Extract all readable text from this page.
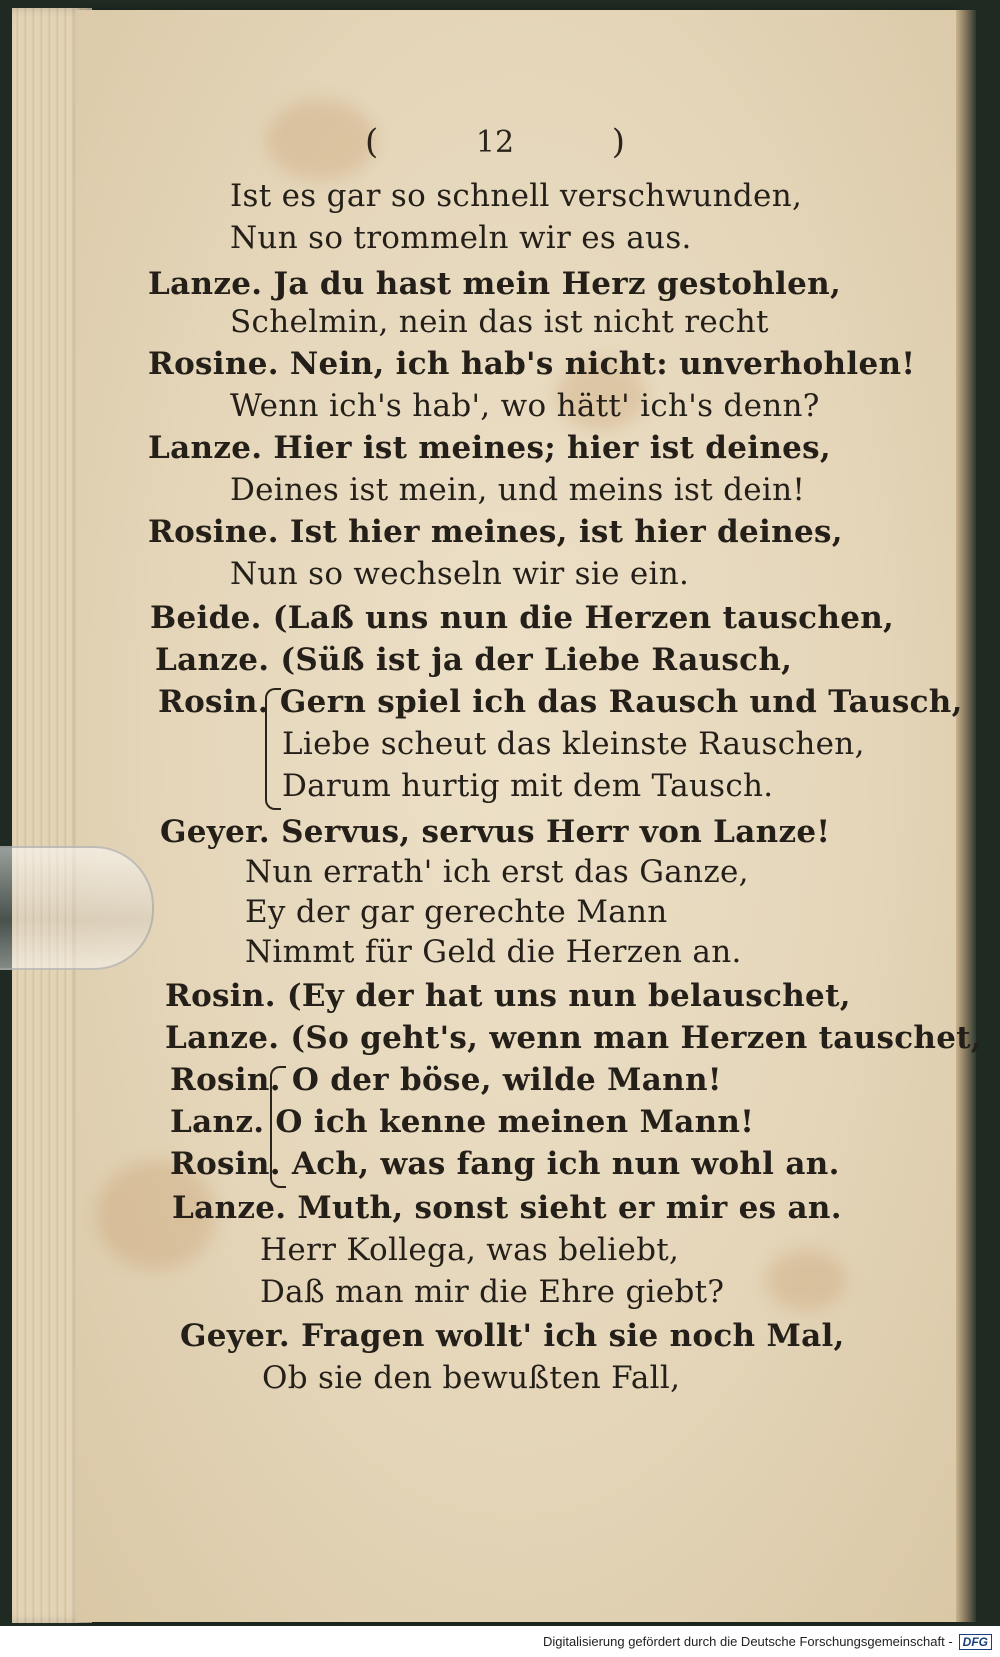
(	12	)
Ist es gar so schnell verschwunden,
Nun so trommeln wir es aus.
Lanze. Ja du hast mein Herz gestohlen,
Schelmin, nein das ist nicht recht
Rosine. Nein, ich hab's nicht: unverhohlen!
Wenn ich's hab', wo hätt' ich's denn?
Lanze. Hier ist meines; hier ist deines,
Deines ist mein, und meins ist dein!
Rosine. Ist hier meines, ist hier deines,
Nun so wechseln wir sie ein.
Beide. (Laß uns nun die Herzen tauschen,
Lanze. (Süß ist ja der Liebe Rausch,
Rosin. Gern spiel ich das Rausch und Tausch,
Liebe scheut das kleinste Rauschen,
Darum hurtig mit dem Tausch.
Geyer. Servus, servus Herr von Lanze!
Nun errath' ich erst das Ganze,
Ey der gar gerechte Mann
Nimmt für Geld die Herzen an.
Rosin. (Ey der hat uns nun belauschet,
Lanze. (So geht's, wenn man Herzen tauschet,
Rosin. O der böse, wilde Mann!
Lanz. O ich kenne meinen Mann!
Rosin. Ach, was fang ich nun wohl an.
Lanze. Muth, sonst sieht er mir es an.
Herr Kollega, was beliebt,
Daß man mir die Ehre giebt?
Geyer. Fragen wollt' ich sie noch Mal,
Ob sie den bewußten Fall,
Digitalisierung gefördert durch die Deutsche Forschungsgemeinschaft - DFG
